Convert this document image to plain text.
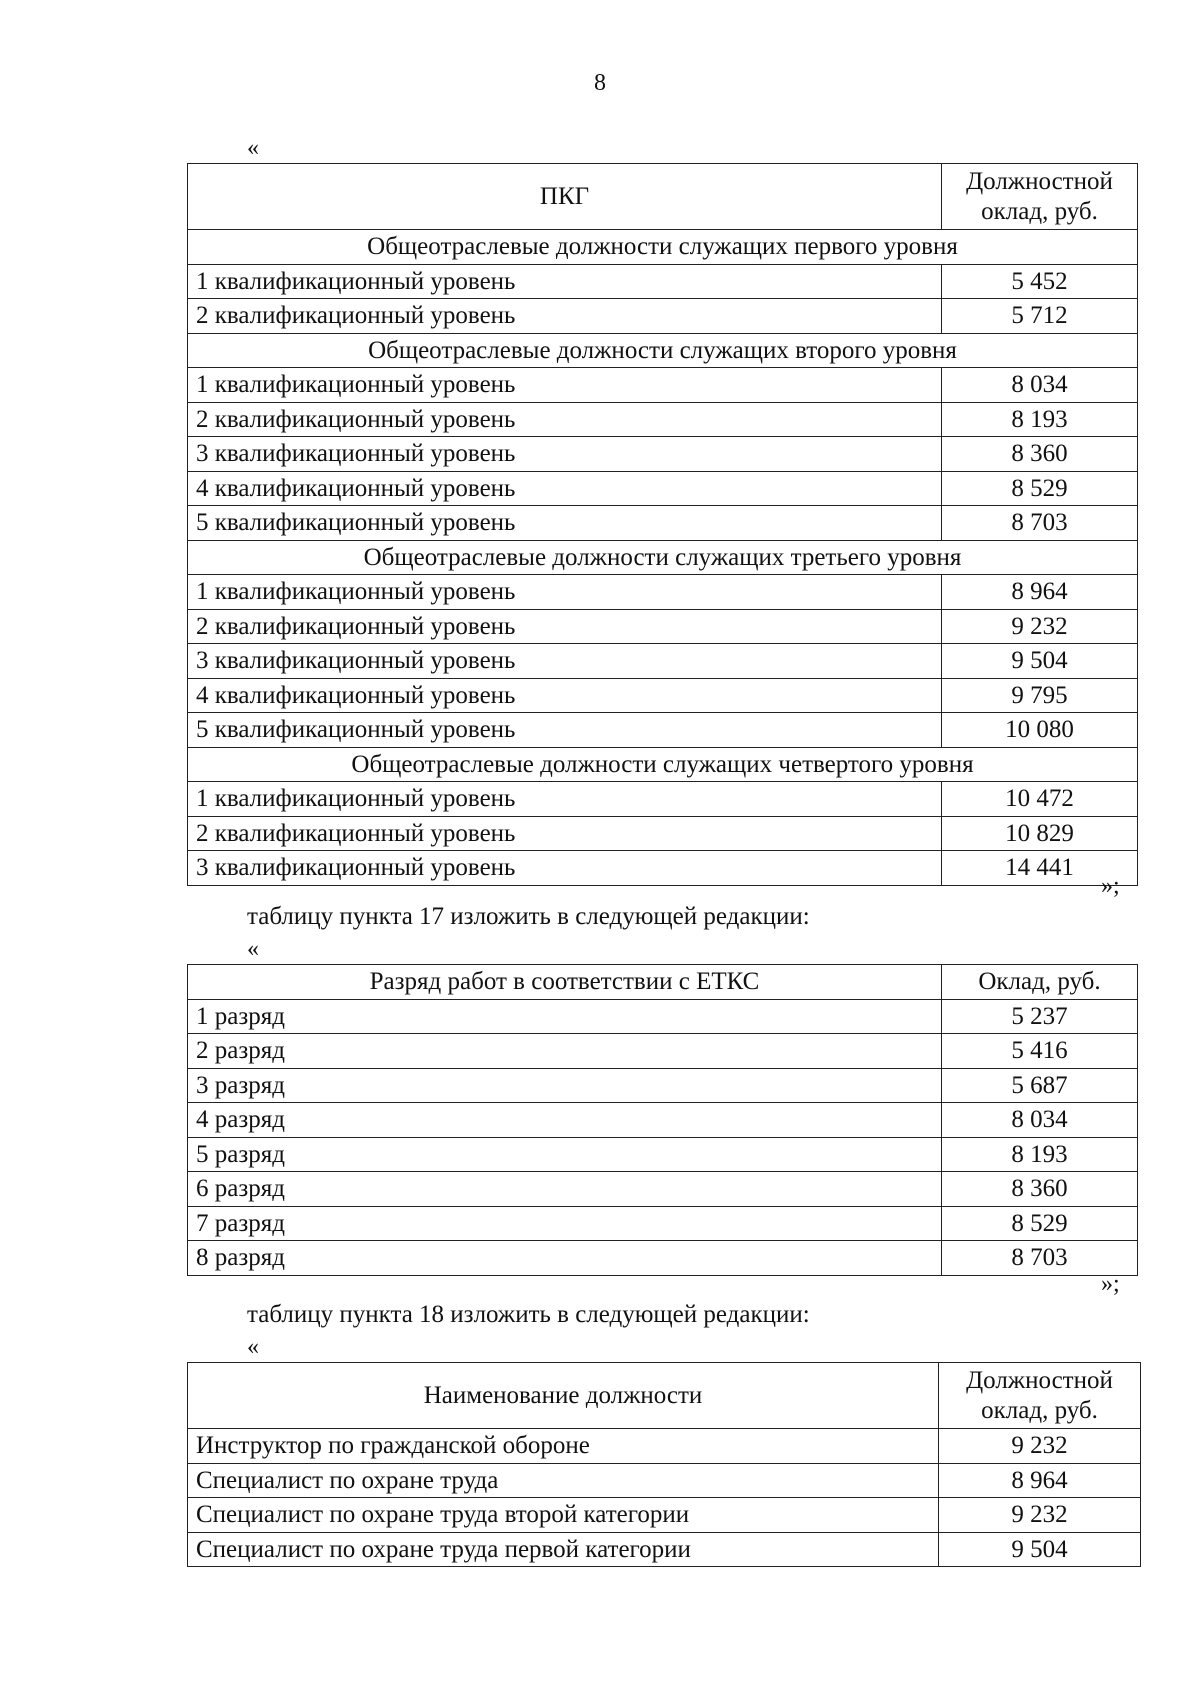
8
«
ПКГ	Должностной
оклад, руб.

Общеотраслевые должности служащих первого уровня	
1 квалификационный уровень	5 452
2 квалификационный уровень	5 712
Общеотраслевые должности служащих второго уровня	
1 квалификационный уровень	8 034
2 квалификационный уровень	8 193
3 квалификационный уровень	8 360
4 квалификационный уровень	8 529
5 квалификационный уровень	8 703
Общеотраслевые должности служащих третьего уровня	
1 квалификационный уровень	8 964
2 квалификационный уровень	9 232
3 квалификационный уровень	9 504
4 квалификационный уровень	9 795
5 квалификационный уровень	10 080
Общеотраслевые должности служащих четвертого уровня	
1 квалификационный уровень	10 472
2 квалификационный уровень	10 829
3 квалификационный уровень	14 441
»;
таблицу пункта 17 изложить в следующей редакции:
«
Разряд работ в соответствии с ЕТКС	Оклад, руб.
1 разряд	5 237
2 разряд	5 416
3 разряд	5 687
4 разряд	8 034
5 разряд	8 193
6 разряд	8 360
7 разряд	8 529
8 разряд	8 703
»;
таблицу пункта 18 изложить в следующей редакции:
«
Наименование должности	Должностной
оклад, руб.

Инструктор по гражданской обороне	9 232
Специалист по охране труда	8 964
Специалист по охране труда второй категории	9 232
Специалист по охране труда первой категории	9 504
